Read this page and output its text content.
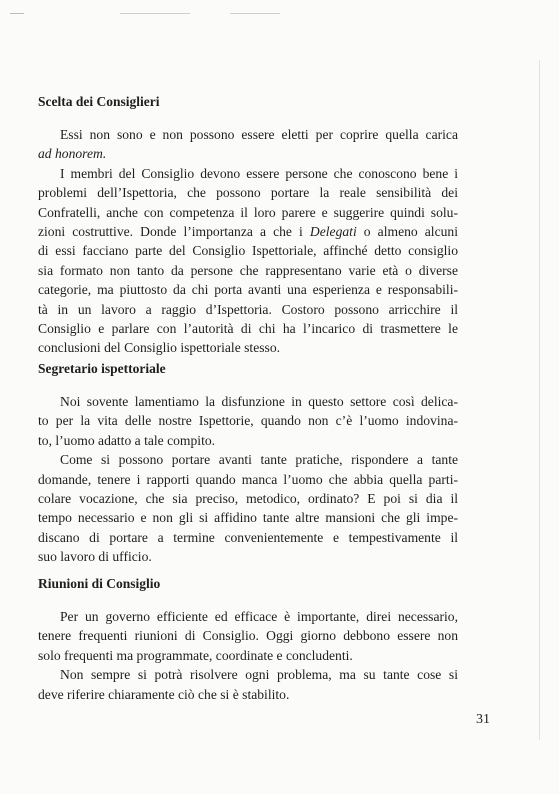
Scelta dei Consiglieri
Essi non sono e non possono essere eletti per coprire quella carica
ad honorem.
I membri del Consiglio devono essere persone che conoscono bene i
problemi dell’Ispettoria, che possono portare la reale sensibilità dei
Confratelli, anche con competenza il loro parere e suggerire quindi solu-
zioni costruttive. Donde l’importanza a che i Delegati o almeno alcuni
di essi facciano parte del Consiglio Ispettoriale, affinché detto consiglio
sia formato non tanto da persone che rappresentano varie età o diverse
categorie, ma piuttosto da chi porta avanti una esperienza e responsabili-
tà in un lavoro a raggio d’Ispettoria. Costoro possono arricchire il
Consiglio e parlare con l’autorità di chi ha l’incarico di trasmettere le
conclusioni del Consiglio ispettoriale stesso.
Segretario ispettoriale
Noi sovente lamentiamo la disfunzione in questo settore così delica-
to per la vita delle nostre Ispettorie, quando non c’è l’uomo indovina-
to, l’uomo adatto a tale compito.
Come si possono portare avanti tante pratiche, rispondere a tante
domande, tenere i rapporti quando manca l’uomo che abbia quella parti-
colare vocazione, che sia preciso, metodico, ordinato? E poi si dia il
tempo necessario e non gli si affidino tante altre mansioni che gli impe-
discano di portare a termine convenientemente e tempestivamente il
suo lavoro di ufficio.
Riunioni di Consiglio
Per un governo efficiente ed efficace è importante, direi necessario,
tenere frequenti riunioni di Consiglio. Oggi giorno debbono essere non
solo frequenti ma programmate, coordinate e concludenti.
Non sempre si potrà risolvere ogni problema, ma su tante cose si
deve riferire chiaramente ciò che si è stabilito.
31
